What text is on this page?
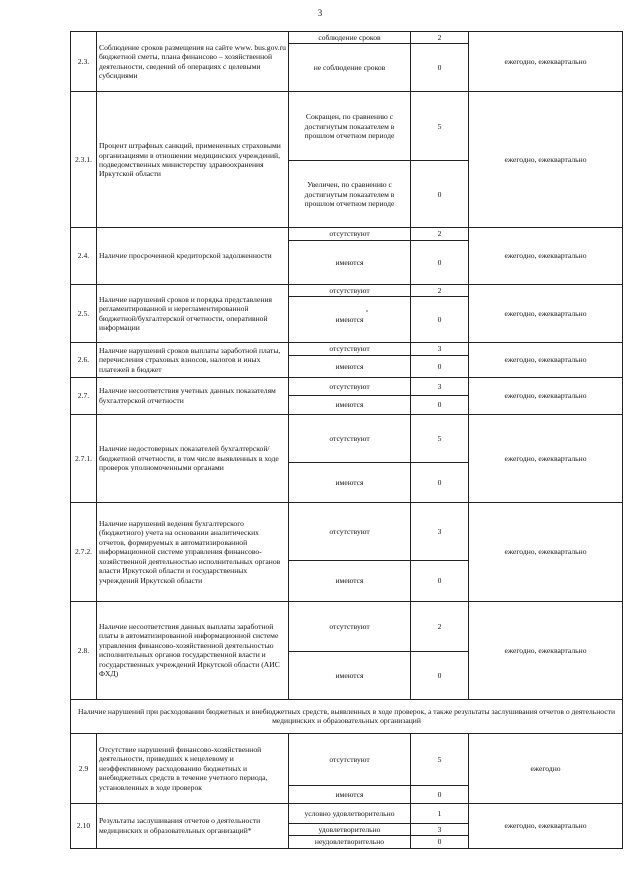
3
2.3.	Соблюдение сроков размещения на сайте www. bus.gov.ru бюджетной сметы, плана финансово – хозяйственной деятельности, сведений об операциях с целевыми субсидиями	соблюдение сроков	2	ежегодно, ежеквартально
		не соблюдение сроков	0	
2.3.1.	Процент штрафных санкций, примененных страховыми организациями в отношении медицинских учреждений, подведомственных министерству здравоохранения Иркутской области	Сокращен, по сравнению с достигнутым показателем в прошлом отчетном периоде	5	ежегодно, ежеквартально
		Увеличен, по сравнению с достигнутым показателем в прошлом отчетном периоде	0	
2.4.	Наличие просроченной кредиторской задолженности	отсутствуют	2	ежегодно, ежеквартально
		имеются	0	
2.5.	Наличие нарушений сроков и порядка представления регламентированной и нерегламентированной бюджетной/бухгалтерской отчетности, оперативной информации	отсутствуют	2	ежегодно, ежеквартально
		имеются	0	
2.6.	Наличие нарушений сроков выплаты заработной платы, перечисления страховых взносов, налогов и иных платежей в бюджет	отсутствуют	3	ежегодно, ежеквартально
		имеются	0	
2.7.	Наличие несоответствия учетных данных показателям бухгалтерской отчетности	отсутствуют	3	ежегодно, ежеквартально
		имеются	0	
2.7.1.	Наличие недостоверных показателей бухгалтерской/бюджетной отчетности, в том числе выявленных в ходе проверок уполномоченными органами	отсутствуют	5	ежегодно, ежеквартально
		имеются	0	
2.7.2.	Наличие нарушений ведения бухгалтерского (бюджетного) учета на основании аналитических отчетов, формируемых в автоматизированной информационной системе управления финансово-хозяйственной деятельностью исполнительных органов власти Иркутской области и государственных учреждений Иркутской области	отсутствуют	3	ежегодно, ежеквартально
		имеются	0	
2.8.	Наличие несоответствия данных выплаты заработной платы в автоматизированной информационной системе управления финансово-хозяйственной деятельностью исполнительных органов государственной власти и государственных учреждений Иркутской области (АИС ФХД)	отсутствуют	2	ежегодно, ежеквартально
		имеются	0	
Наличие нарушений при расходовании бюджетных и внебюджетных средств, выявленных в ходе проверок, а также результаты заслушивания отчетов о деятельности медицинских и образовательных организаций				
2.9	Отсутствие нарушений финансово-хозяйственной деятельности, приведших к нецелевому и неэффективному расходованию бюджетных и внебюджетных средств в течение учетного периода, установленных в ходе проверок	отсутствуют	5	ежегодно
		имеются	0	
2.10	Результаты заслушивания отчетов о деятельности медицинских и образовательных организаций*	условно удовлетворительно	1	ежегодно, ежеквартально
		удовлетворительно	3	
		неудовлетворительно	0	
